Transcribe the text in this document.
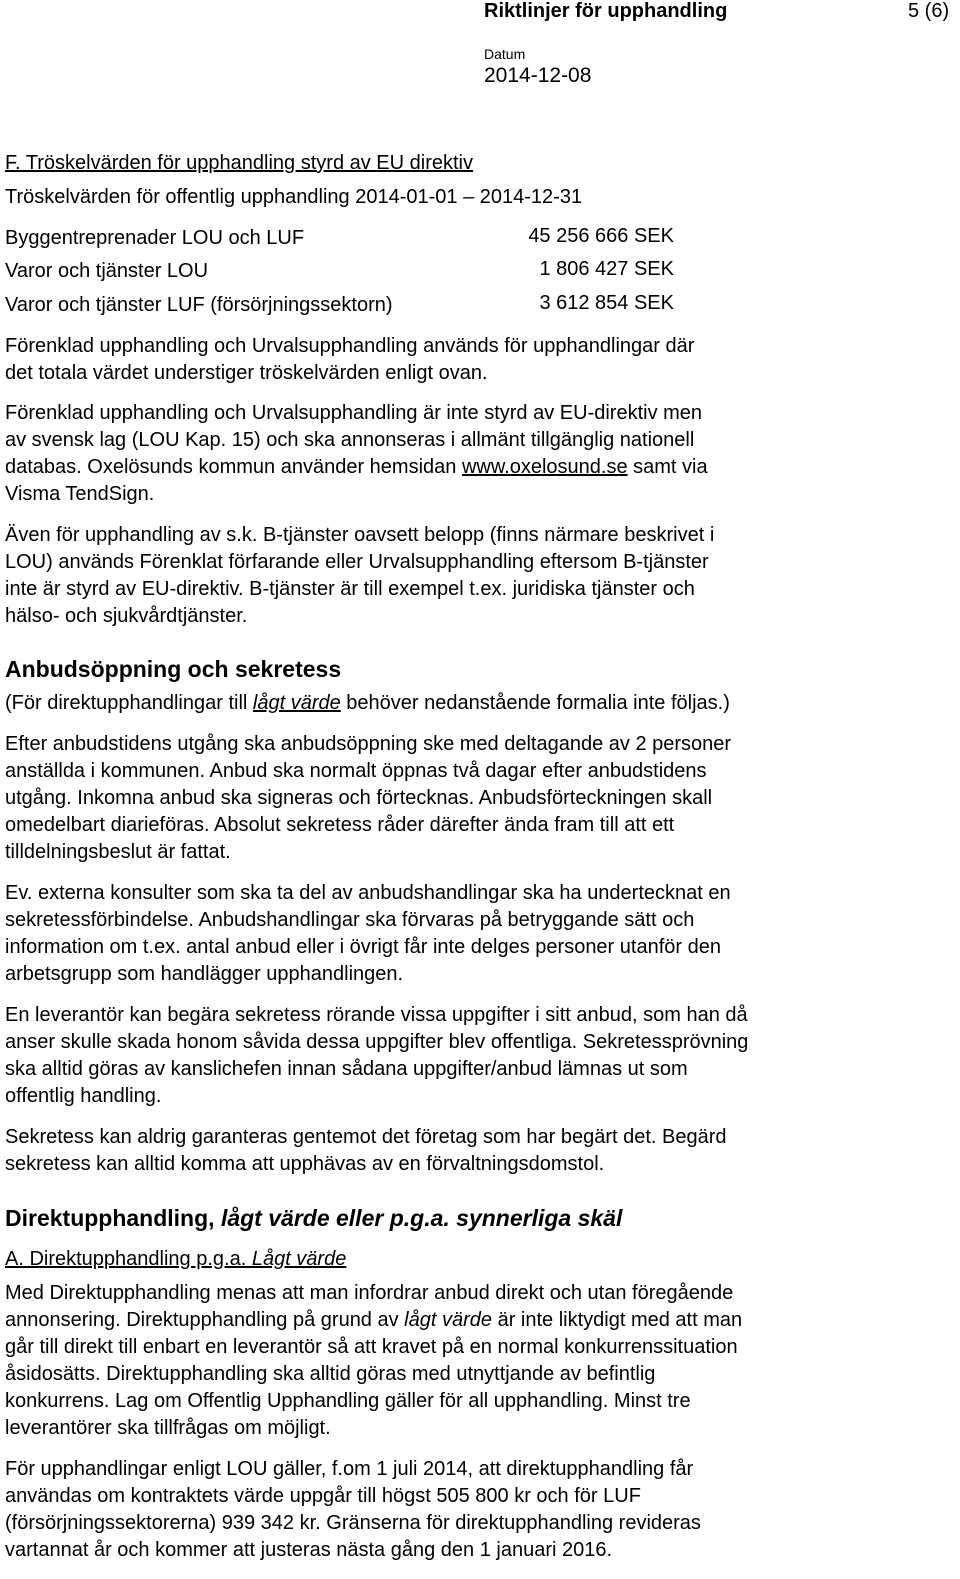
Riktlinjer för upphandling	5 (6)
Datum
2014-12-08
F. Tröskelvärden för upphandling styrd av EU direktiv
Tröskelvärden för offentlig upphandling 2014-01-01 – 2014-12-31
Byggentreprenader LOU och LUF	45 256 666 SEK
Varor och tjänster LOU	1 806 427 SEK
Varor och tjänster LUF (försörjningssektorn)	3 612 854 SEK
Förenklad upphandling och Urvalsupphandling används för upphandlingar där
det totala värdet understiger tröskelvärden enligt ovan.
Förenklad upphandling och Urvalsupphandling är inte styrd av EU-direktiv men
av svensk lag (LOU Kap. 15) och ska annonseras i allmänt tillgänglig nationell
databas. Oxelösunds kommun använder hemsidan www.oxelosund.se samt via
Visma TendSign.
Även för upphandling av s.k. B-tjänster oavsett belopp (finns närmare beskrivet i
LOU) används Förenklat förfarande eller Urvalsupphandling eftersom B-tjänster
inte är styrd av EU-direktiv. B-tjänster är till exempel t.ex. juridiska tjänster och
hälso- och sjukvårdtjänster.
Anbudsöppning och sekretess
(För direktupphandlingar till lågt värde behöver nedanstående formalia inte följas.)
Efter anbudstidens utgång ska anbudsöppning ske med deltagande av 2 personer
anställda i kommunen. Anbud ska normalt öppnas två dagar efter anbudstidens
utgång. Inkomna anbud ska signeras och förtecknas. Anbudsförteckningen skall
omedelbart diarieföras. Absolut sekretess råder därefter ända fram till att ett
tilldelningsbeslut är fattat.
Ev. externa konsulter som ska ta del av anbudshandlingar ska ha undertecknat en
sekretessförbindelse. Anbudshandlingar ska förvaras på betryggande sätt och
information om t.ex. antal anbud eller i övrigt får inte delges personer utanför den
arbetsgrupp som handlägger upphandlingen.
En leverantör kan begära sekretess rörande vissa uppgifter i sitt anbud, som han då
anser skulle skada honom såvida dessa uppgifter blev offentliga. Sekretessprövning
ska alltid göras av kanslichefen innan sådana uppgifter/anbud lämnas ut som
offentlig handling.
Sekretess kan aldrig garanteras gentemot det företag som har begärt det. Begärd
sekretess kan alltid komma att upphävas av en förvaltningsdomstol.
Direktupphandling, lågt värde eller p.g.a. synnerliga skäl
A. Direktupphandling p.g.a. Lågt värde
Med Direktupphandling menas att man infordrar anbud direkt och utan föregående
annonsering. Direktupphandling på grund av lågt värde är inte liktydigt med att man
går till direkt till enbart en leverantör så att kravet på en normal konkurrenssituation
åsidosätts. Direktupphandling ska alltid göras med utnyttjande av befintlig
konkurrens. Lag om Offentlig Upphandling gäller för all upphandling. Minst tre
leverantörer ska tillfrågas om möjligt.
För upphandlingar enligt LOU gäller, f.om 1 juli 2014, att direktupphandling får
användas om kontraktets värde uppgår till högst 505 800 kr och för LUF
(försörjningssektorerna) 939 342 kr. Gränserna för direktupphandling revideras
vartannat år och kommer att justeras nästa gång den 1 januari 2016.
